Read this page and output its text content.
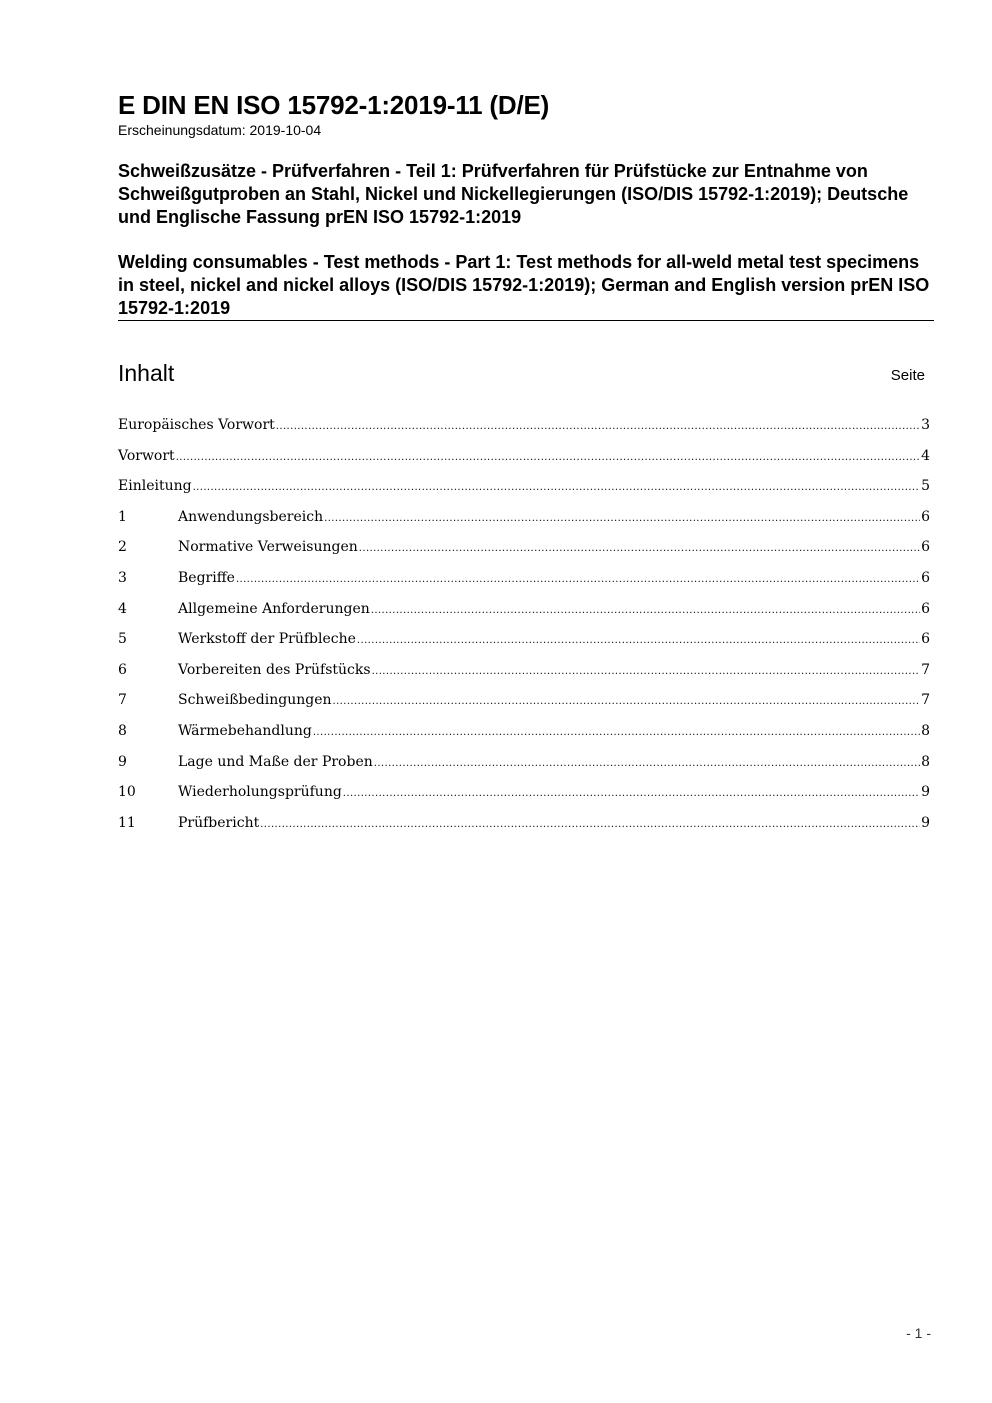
E DIN EN ISO 15792-1:2019-11 (D/E)
Erscheinungsdatum: 2019-10-04
Schweißzusätze - Prüfverfahren - Teil 1: Prüfverfahren für Prüfstücke zur Entnahme von Schweißgutproben an Stahl, Nickel und Nickellegierungen (ISO/DIS 15792-1:2019); Deutsche und Englische Fassung prEN ISO 15792-1:2019
Welding consumables - Test methods - Part 1: Test methods for all-weld metal test specimens in steel, nickel and nickel alloys (ISO/DIS 15792-1:2019); German and English version prEN ISO 15792-1:2019
Inhalt	Seite
Europäisches Vorwort .....	3
Vorwort .....	4
Einleitung .....	5
1	Anwendungsbereich .....	6
2	Normative Verweisungen .....	6
3	Begriffe .....	6
4	Allgemeine Anforderungen .....	6
5	Werkstoff der Prüfbleche .....	6
6	Vorbereiten des Prüfstücks .....	7
7	Schweißbedingungen .....	7
8	Wärmebehandlung .....	8
9	Lage und Maße der Proben .....	8
10	Wiederholungsprüfung .....	9
11	Prüfbericht .....	9
- 1 -
